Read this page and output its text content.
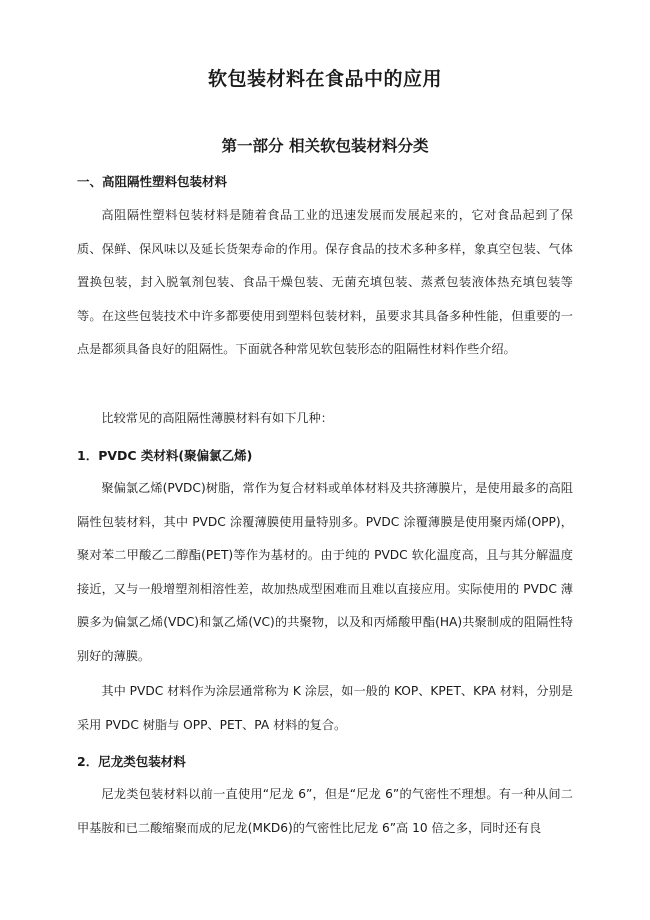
软包装材料在食品中的应用
第一部分 相关软包装材料分类
一、高阻隔性塑料包装材料

高阻隔性塑料包装材料是随着食品工业的迅速发展而发展起来的，它对食品起到了保质、保鲜、保风味以及延长货架寿命的作用。保存食品的技术多种多样，象真空包装、气体置换包装，封入脱氧剂包装、食品干燥包装、无菌充填包装、蒸煮包装液体热充填包装等等。在这些包装技术中许多都要使用到塑料包装材料，虽要求其具备多种性能，但重要的一点是都须具备良好的阻隔性。下面就各种常见软包装形态的阻隔性材料作些介绍。

比较常见的高阻隔性薄膜材料有如下几种：

1．PVDC 类材料(聚偏氯乙烯)

聚偏氯乙烯(PVDC)树脂，常作为复合材料或单体材料及共挤薄膜片，是使用最多的高阻隔性包装材料，其中 PVDC 涂覆薄膜使用量特别多。PVDC 涂覆薄膜是使用聚丙烯(OPP)，聚对苯二甲酸乙二醇酯(PET)等作为基材的。由于纯的 PVDC 软化温度高，且与其分解温度接近，又与一般增塑剂相溶性差，故加热成型困难而且难以直接应用。实际使用的 PVDC 薄膜多为偏氯乙烯(VDC)和氯乙烯(VC)的共聚物，以及和丙烯酸甲酯(HA)共聚制成的阻隔性特别好的薄膜。

其中 PVDC 材料作为涂层通常称为 K 涂层，如一般的 KOP、KPET、KPA 材料，分别是采用 PVDC 树脂与 OPP、PET、PA 材料的复合。

2．尼龙类包装材料

尼龙类包装材料以前一直使用“尼龙 6”，但是“尼龙 6”的气密性不理想。有一种从间二甲基胺和已二酸缩聚而成的尼龙(MKD6)的气密性比尼龙 6”高 10 倍之多，同时还有良
